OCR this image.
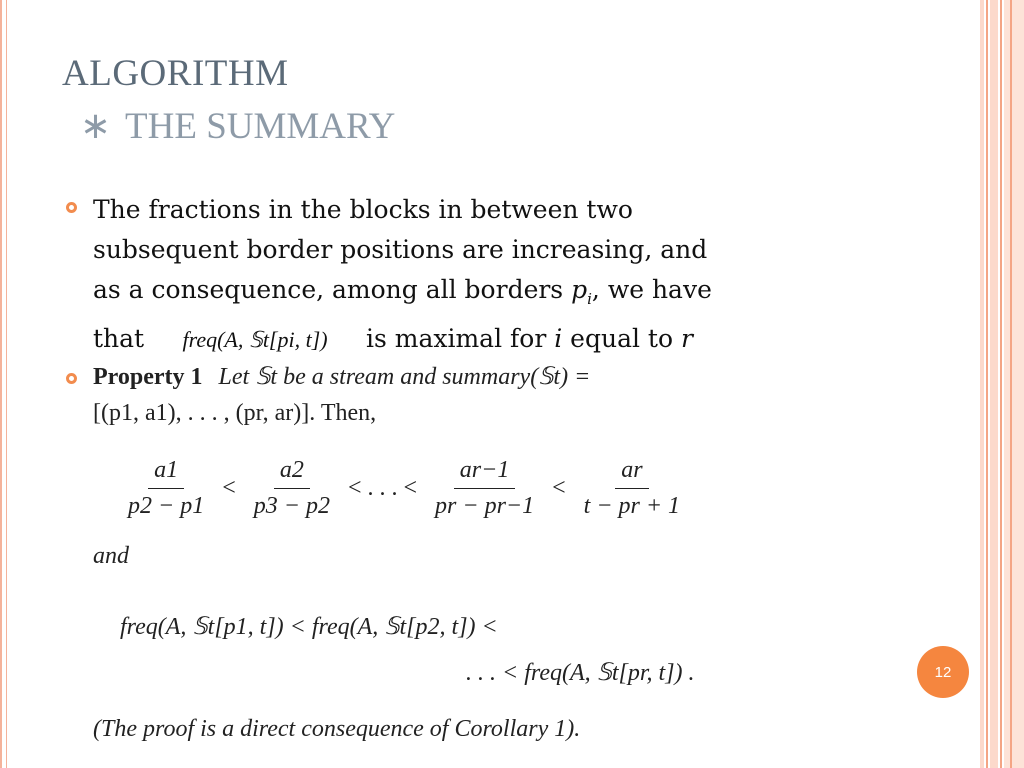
ALGORITHM
∗ THE SUMMARY
The fractions in the blocks in between two
subsequent border positions are increasing, and
as a consequence, among all borders $p_i$, we have
that freq(A, 𝕊t[pi, t]) is maximal for i equal to r
Property 1 Let 𝕊t be a stream and summary(𝕊t) =
[(p1, a1), . . . , (pr, ar)]. Then,
$\frac{a1}{p2 - p1} < \frac{a2}{p3 - p2}$ < . . . < $\frac{ar-1}{pr - pr-1} < \frac{ar}{t - pr + 1}$
and
freq(A, 𝕊t[p1, t]) < freq(A, 𝕊t[p2, t]) <
. . . < freq(A, 𝕊t[pr, t]) .
(The proof is a direct consequence of Corollary 1).
12
